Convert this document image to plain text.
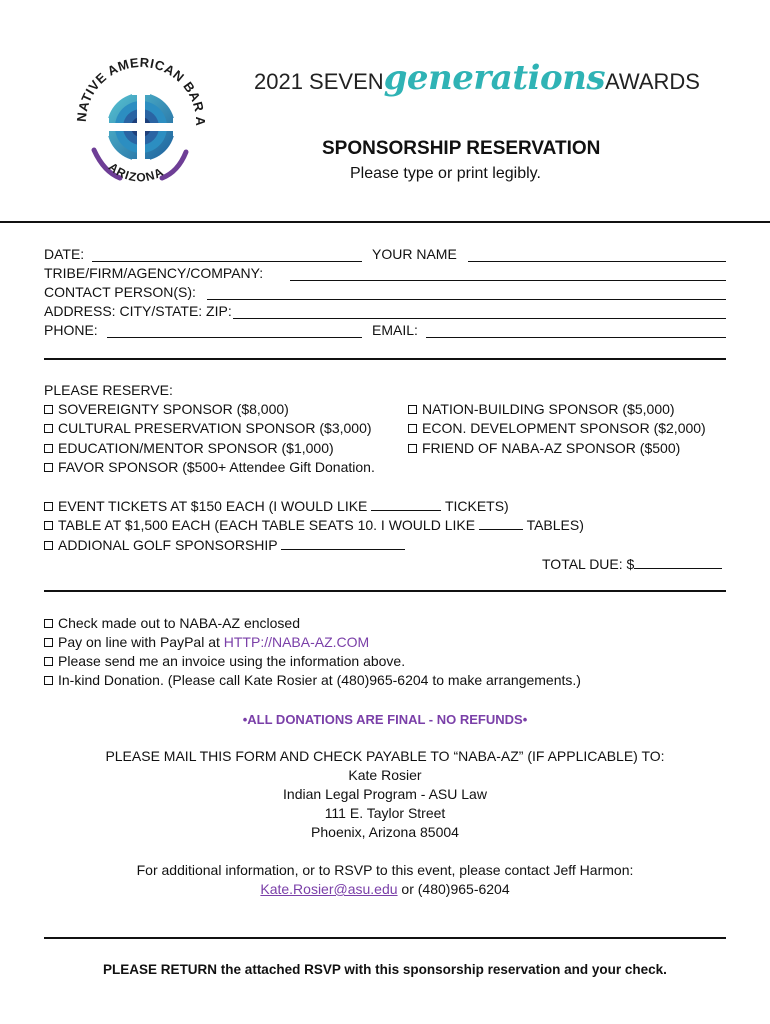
NATIVE AMERICAN BAR A
ARIZONA
2021 SEVENgenerationsAWARDS
SPONSORSHIP RESERVATION
Please type or print legibly.
DATE:	YOUR NAME
TRIBE/FIRM/AGENCY/COMPANY:
CONTACT PERSON(S):
ADDRESS: CITY/STATE: ZIP:
PHONE:	EMAIL:
PLEASE RESERVE:
SOVEREIGNTY SPONSOR ($8,000)
CULTURAL PRESERVATION SPONSOR ($3,000)
EDUCATION/MENTOR SPONSOR ($1,000)
FAVOR SPONSOR ($500+ Attendee Gift Donation.
NATION-BUILDING SPONSOR ($5,000)
ECON. DEVELOPMENT SPONSOR ($2,000)
FRIEND OF NABA-AZ SPONSOR ($500)
EVENT TICKETS AT $150 EACH (I WOULD LIKE	TICKETS)
TABLE AT $1,500 EACH (EACH TABLE SEATS 10. I WOULD LIKE	TABLES)
ADDIONAL GOLF SPONSORSHIP
TOTAL DUE: $
Check made out to NABA-AZ enclosed
Pay on line with PayPal at HTTP://NABA-AZ.COM
Please send me an invoice using the information above.
In-kind Donation. (Please call Kate Rosier at (480)965-6204 to make arrangements.)
•ALL DONATIONS ARE FINAL - NO REFUNDS•
PLEASE MAIL THIS FORM AND CHECK PAYABLE TO “NABA-AZ” (IF APPLICABLE) TO:
Kate Rosier
Indian Legal Program - ASU Law
111 E. Taylor Street
Phoenix, Arizona 85004
For additional information, or to RSVP to this event, please contact Jeff Harmon:
Kate.Rosier@asu.edu or (480)965-6204
PLEASE RETURN the attached RSVP with this sponsorship reservation and your check.
